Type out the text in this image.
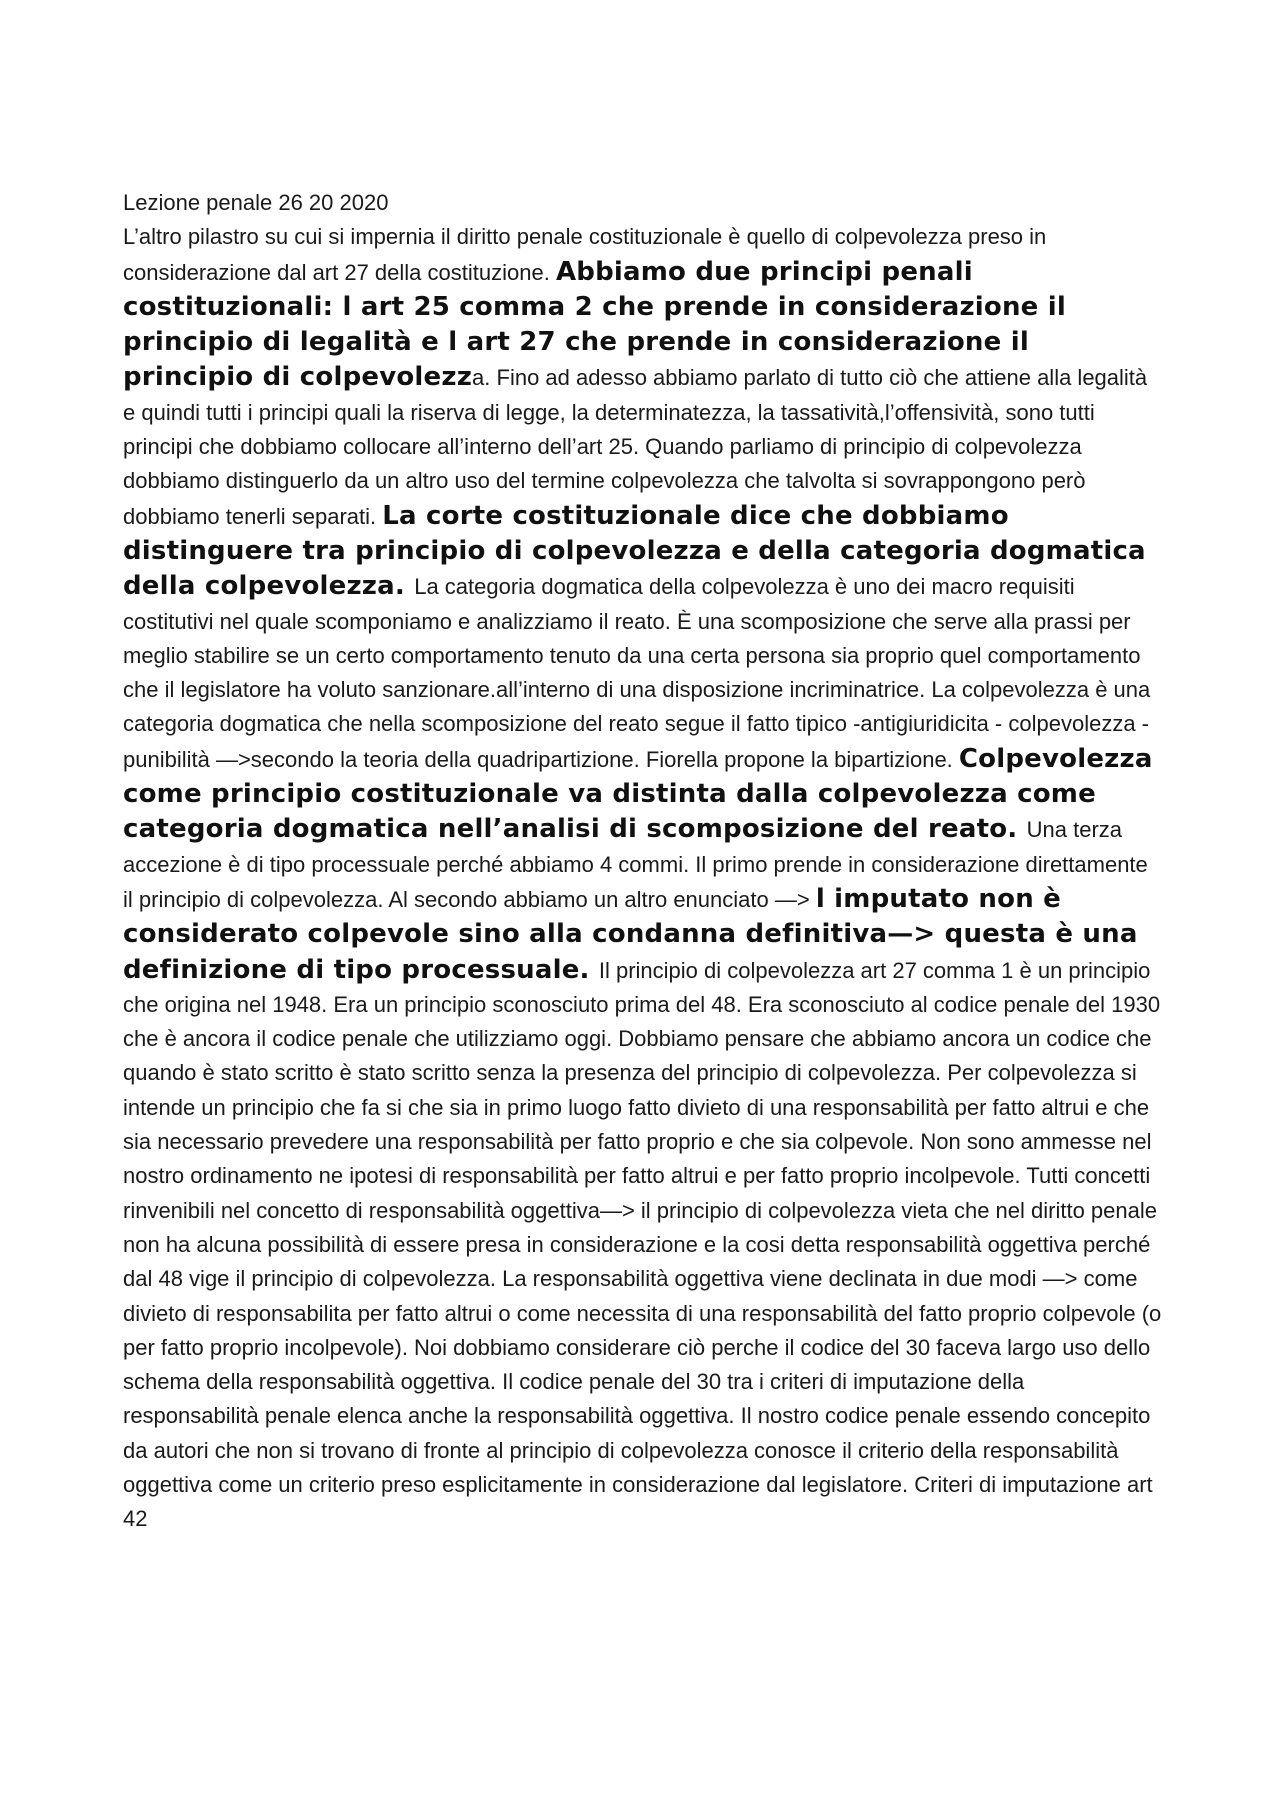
Lezione penale 26 20 2020
L’altro pilastro su cui si impernia il diritto penale costituzionale è quello di colpevolezza preso in considerazione dal art 27 della costituzione. Abbiamo due principi penali costituzionali: l art 25 comma 2 che prende in considerazione il principio di legalità e l art 27 che prende in considerazione il principio di colpevolezza. Fino ad adesso abbiamo parlato di tutto ciò che attiene alla legalità e quindi tutti i principi quali la riserva di legge, la determinatezza, la tassatività,l’offensività, sono tutti principi che dobbiamo collocare all’interno dell’art 25. Quando parliamo di principio di colpevolezza dobbiamo distinguerlo da un altro uso del termine colpevolezza che talvolta si sovrappongono però dobbiamo tenerli separati. La corte costituzionale dice che dobbiamo distinguere tra principio di colpevolezza e della categoria dogmatica della colpevolezza. La categoria dogmatica della colpevolezza è uno dei macro requisiti costitutivi nel quale scomponiamo e analizziamo il reato. È una scomposizione che serve alla prassi per meglio stabilire se un certo comportamento tenuto da una certa persona sia proprio quel comportamento che il legislatore ha voluto sanzionare.all’interno di una disposizione incriminatrice. La colpevolezza è una categoria dogmatica che nella scomposizione del reato segue il fatto tipico -antigiuridicita - colpevolezza - punibilità —>secondo la teoria della quadripartizione. Fiorella propone la bipartizione. Colpevolezza come principio costituzionale va distinta dalla colpevolezza come categoria dogmatica nell’analisi di scomposizione del reato. Una terza accezione è di tipo processuale perché abbiamo 4 commi. Il primo prende in considerazione direttamente il principio di colpevolezza. Al secondo abbiamo un altro enunciato —> l imputato non è considerato colpevole sino alla condanna definitiva—> questa è una definizione di tipo processuale. Il principio di colpevolezza art 27 comma 1 è un principio che origina nel 1948. Era un principio sconosciuto prima del 48. Era sconosciuto al codice penale del 1930 che è ancora il codice penale che utilizziamo oggi. Dobbiamo pensare che abbiamo ancora un codice che quando è stato scritto è stato scritto senza la presenza del principio di colpevolezza. Per colpevolezza si intende un principio che fa si che sia in primo luogo fatto divieto di una responsabilità per fatto altrui e che sia necessario prevedere una responsabilità per fatto proprio e che sia colpevole. Non sono ammesse nel nostro ordinamento ne ipotesi di responsabilità per fatto altrui e per fatto proprio incolpevole. Tutti concetti rinvenibili nel concetto di responsabilità oggettiva—> il principio di colpevolezza vieta che nel diritto penale non ha alcuna possibilità di essere presa in considerazione e la cosi detta responsabilità oggettiva perché dal 48 vige il principio di colpevolezza. La responsabilità oggettiva viene declinata in due modi —> come divieto di responsabilita per fatto altrui o come necessita di una responsabilità del fatto proprio colpevole (o per fatto proprio incolpevole). Noi dobbiamo considerare ciò perche il codice del 30 faceva largo uso dello schema della responsabilità oggettiva. Il codice penale del 30 tra i criteri di imputazione della responsabilità penale elenca anche la responsabilità oggettiva. Il nostro codice penale essendo concepito da autori che non si trovano di fronte al principio di colpevolezza conosce il criterio della responsabilità oggettiva come un criterio preso esplicitamente in considerazione dal legislatore. Criteri di imputazione art 42
